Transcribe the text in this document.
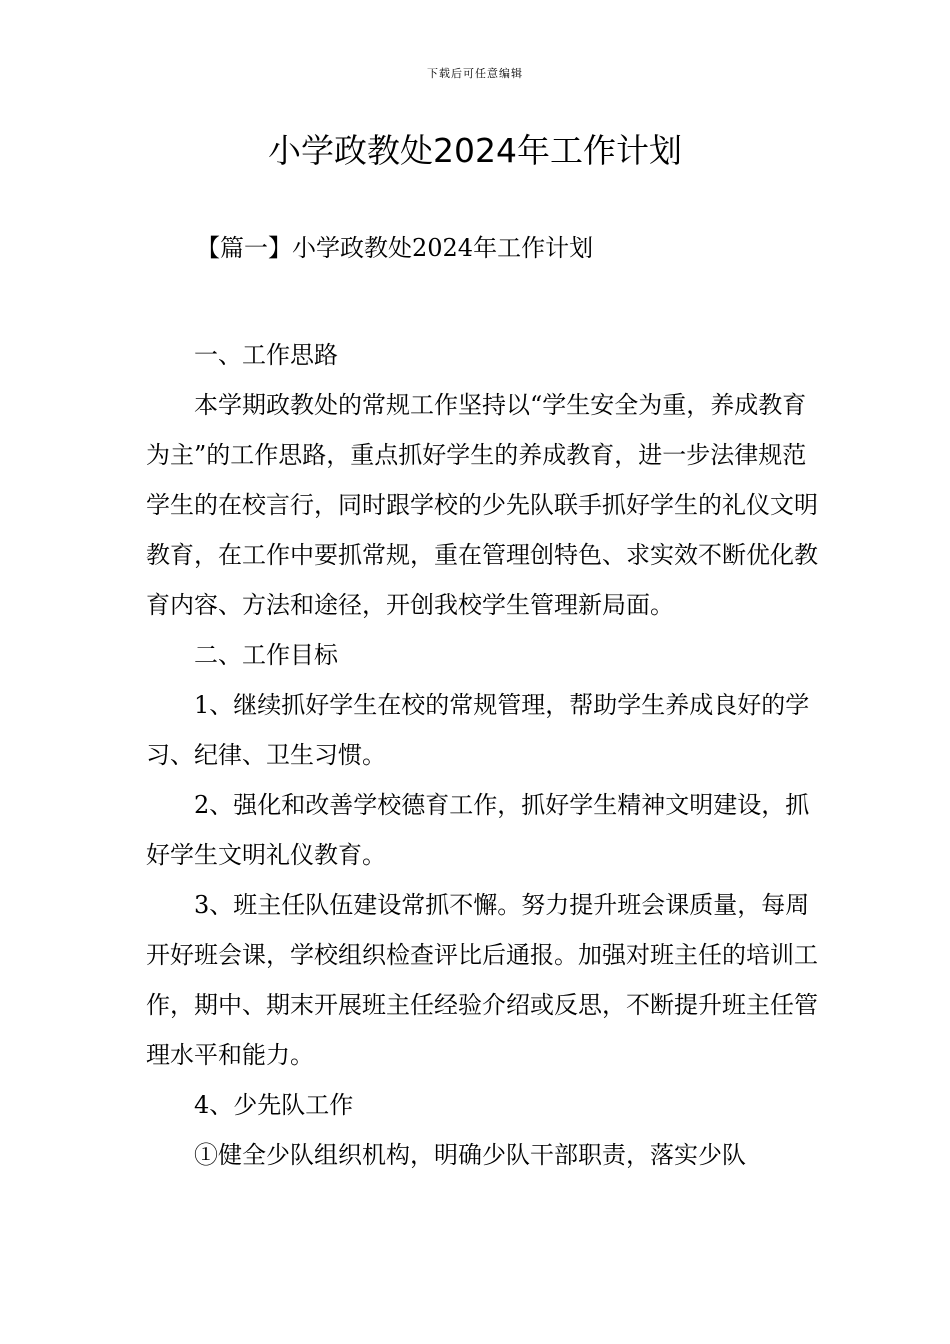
下载后可任意编辑
小学政教处2024年工作计划
【篇一】小学政教处2024年工作计划

一、工作思路

本学期政教处的常规工作坚持以“学生安全为重，养成教育为主”的工作思路，重点抓好学生的养成教育，进一步法律规范学生的在校言行，同时跟学校的少先队联手抓好学生的礼仪文明教育，在工作中要抓常规，重在管理创特色、求实效不断优化教育内容、方法和途径，开创我校学生管理新局面。

二、工作目标

1、继续抓好学生在校的常规管理，帮助学生养成良好的学习、纪律、卫生习惯。

2、强化和改善学校德育工作，抓好学生精神文明建设，抓好学生文明礼仪教育。

3、班主任队伍建设常抓不懈。努力提升班会课质量，每周开好班会课，学校组织检查评比后通报。加强对班主任的培训工作，期中、期末开展班主任经验介绍或反思，不断提升班主任管理水平和能力。

4、少先队工作

①健全少队组织机构，明确少队干部职责，落实少队
